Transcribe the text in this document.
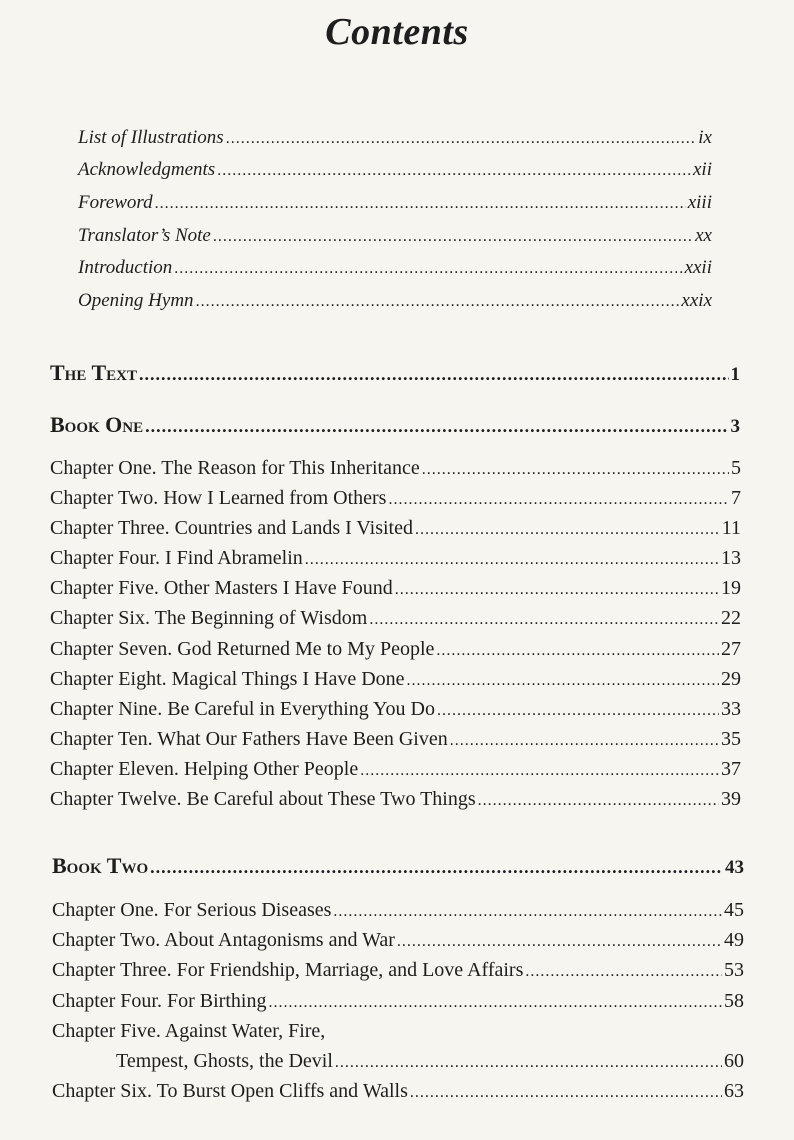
Contents
List of Illustrations .....	ix
Acknowledgments .....	xii
Foreword .....	xiii
Translator’s Note .....	xx
Introduction .....	xxii
Opening Hymn .....	xxix
The Text .....	1
Book One .....	3
Chapter One. The Reason for This Inheritance .....	5
Chapter Two. How I Learned from Others .....	7
Chapter Three. Countries and Lands I Visited .....	11
Chapter Four. I Find Abramelin .....	13
Chapter Five. Other Masters I Have Found .....	19
Chapter Six. The Beginning of Wisdom .....	22
Chapter Seven. God Returned Me to My People .....	27
Chapter Eight. Magical Things I Have Done .....	29
Chapter Nine. Be Careful in Everything You Do .....	33
Chapter Ten. What Our Fathers Have Been Given .....	35
Chapter Eleven. Helping Other People .....	37
Chapter Twelve. Be Careful about These Two Things .....	39
Book Two .....	43
Chapter One. For Serious Diseases .....	45
Chapter Two. About Antagonisms and War .....	49
Chapter Three. For Friendship, Marriage, and Love Affairs .....	53
Chapter Four. For Birthing .....	58
Chapter Five. Against Water, Fire,
Tempest, Ghosts, the Devil .....	60
Chapter Six. To Burst Open Cliffs and Walls .....	63
